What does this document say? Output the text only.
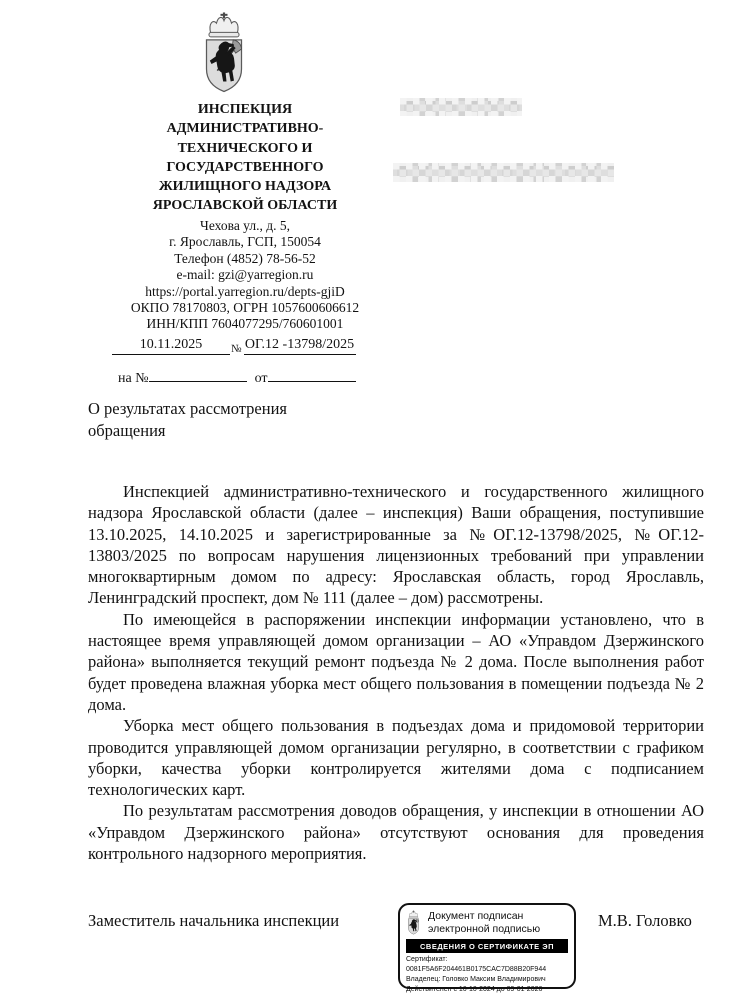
ИНСПЕКЦИЯ
АДМИНИСТРАТИВНО-
ТЕХНИЧЕСКОГО И
ГОСУДАРСТВЕННОГО
ЖИЛИЩНОГО НАДЗОРА
ЯРОСЛАВСКОЙ ОБЛАСТИ
Чехова ул., д. 5,
г. Ярославль, ГСП, 150054
Телефон (4852) 78-56-52
e-mail: gzi@yarregion.ru
https://portal.yarregion.ru/depts-gjiD
ОКПО 78170803, ОГРН 1057600606612
ИНН/КПП 7604077295/760601001
10.11.2025	№ ОГ.12 -13798/2025
на №	от
О результатах рассмотрения обращения

Инспекцией административно-технического и государственного жилищного надзора Ярославской области (далее – инспекция) Ваши обращения, поступившие 13.10.2025, 14.10.2025 и зарегистрированные за №ОГ.12-13798/2025, №ОГ.12-13803/2025 по вопросам нарушения лицензионных требований при управлении многоквартирным домом по адресу: Ярославская область, город Ярославль, Ленинградский проспект, дом № 111 (далее – дом) рассмотрены.

По имеющейся в распоряжении инспекции информации установлено, что в настоящее время управляющей домом организации – АО «Управдом Дзержинского района» выполняется текущий ремонт подъезда № 2 дома. После выполнения работ будет проведена влажная уборка мест общего пользования в помещении подъезда № 2 дома.

Уборка мест общего пользования в подъездах дома и придомовой территории проводится управляющей домом организации регулярно, в соответствии с графиком уборки, качества уборки контролируется жителями дома с подписанием технологических карт.

По результатам рассмотрения доводов обращения, у инспекции в отношении АО «Управдом Дзержинского района» отсутствуют основания для проведения контрольного надзорного мероприятия.

Заместитель начальника инспекции	Документ подписан
электронной подписью
СВЕДЕНИЯ О СЕРТИФИКАТЕ ЭП
Сертификат: 0081F5A6F204461B0175CAC7D88B20F944
Владелец: Головко Максим Владимирович
Действителен с 16-10-2024 до 09-01-2026
М.В. Головко
